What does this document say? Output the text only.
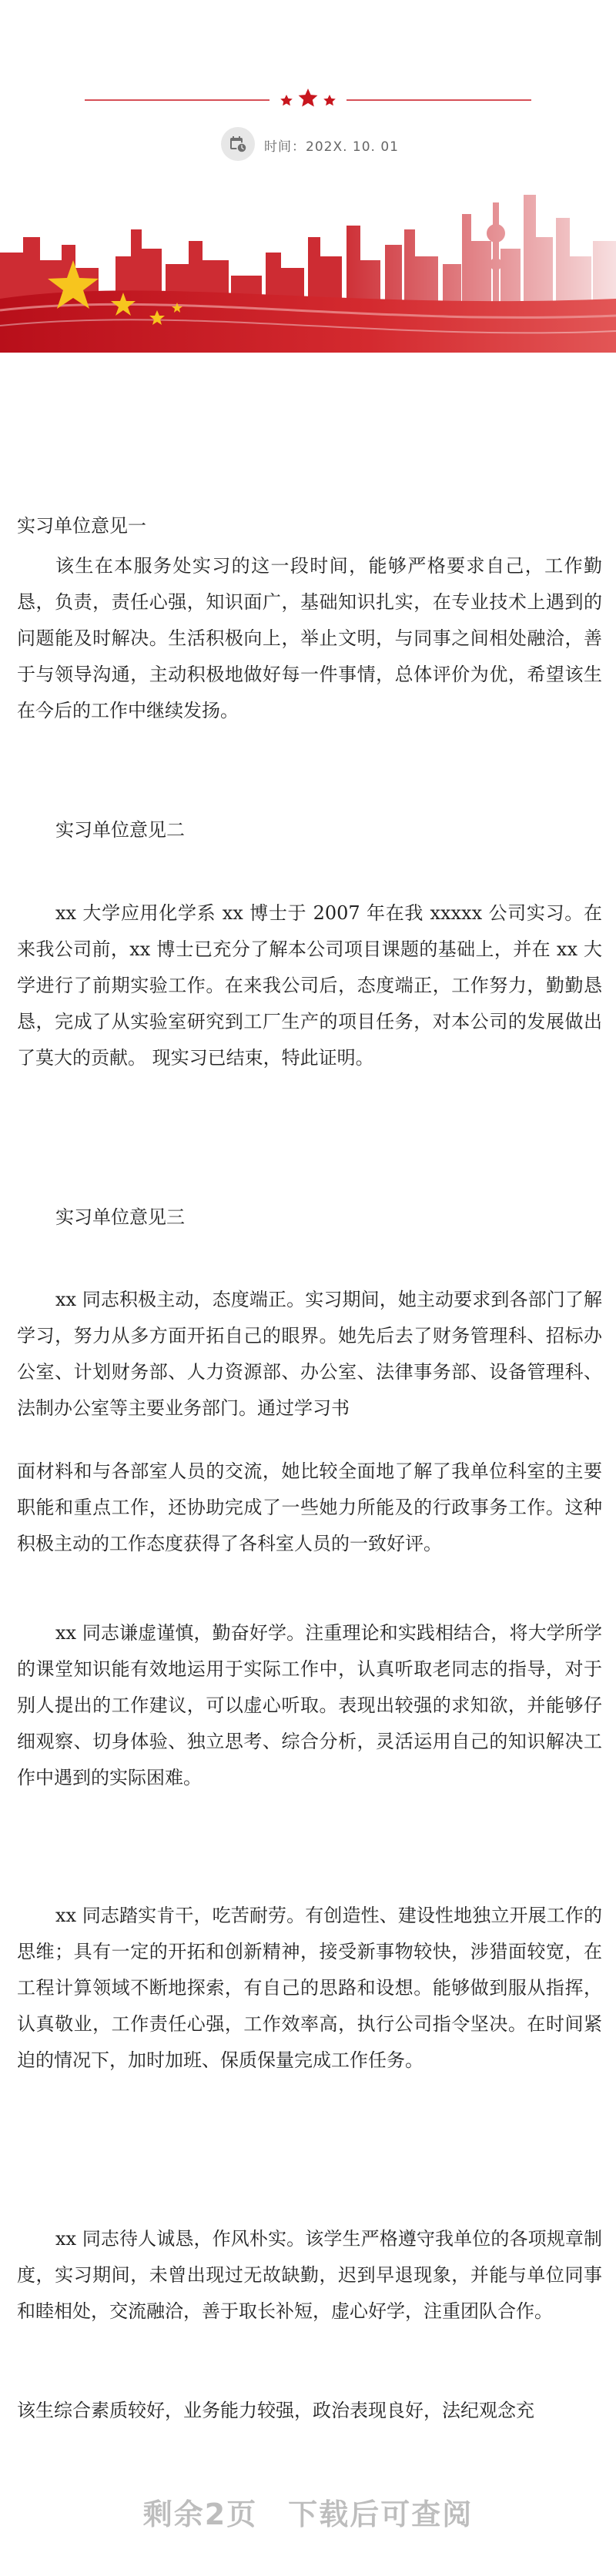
时间：202X. 10. 01

实习单位意见一

该生在本服务处实习的这一段时间，能够严格要求自己，工作勤恳，负责，责任心强，知识面广，基础知识扎实，在专业技术上遇到的问题能及时解决。生活积极向上，举止文明，与同事之间相处融洽，善于与领导沟通，主动积极地做好每一件事情，总体评价为优，希望该生在今后的工作中继续发扬。

实习单位意见二

xx 大学应用化学系 xx 博士于 2007 年在我 xxxxx 公司实习。在来我公司前，xx 博士已充分了解本公司项目课题的基础上，并在 xx 大学进行了前期实验工作。在来我公司后，态度端正，工作努力，勤勤恳恳，完成了从实验室研究到工厂生产的项目任务，对本公司的发展做出了莫大的贡献。 现实习已结束，特此证明。

实习单位意见三

xx 同志积极主动，态度端正。实习期间，她主动要求到各部门了解学习，努力从多方面开拓自己的眼界。她先后去了财务管理科、招标办公室、计划财务部、人力资源部、办公室、法律事务部、设备管理科、法制办公室等主要业务部门。通过学习书

面材料和与各部室人员的交流，她比较全面地了解了我单位科室的主要职能和重点工作，还协助完成了一些她力所能及的行政事务工作。这种积极主动的工作态度获得了各科室人员的一致好评。

xx 同志谦虚谨慎，勤奋好学。注重理论和实践相结合，将大学所学的课堂知识能有效地运用于实际工作中，认真听取老同志的指导，对于别人提出的工作建议，可以虚心听取。表现出较强的求知欲，并能够仔细观察、切身体验、独立思考、综合分析，灵活运用自己的知识解决工作中遇到的实际困难。

xx 同志踏实肯干，吃苦耐劳。有创造性、建设性地独立开展工作的思维；具有一定的开拓和创新精神，接受新事物较快，涉猎面较宽，在工程计算领域不断地探索，有自己的思路和设想。能够做到服从指挥，认真敬业，工作责任心强，工作效率高，执行公司指令坚决。在时间紧迫的情况下，加时加班、保质保量完成工作任务。

xx 同志待人诚恳，作风朴实。该学生严格遵守我单位的各项规章制度，实习期间，未曾出现过无故缺勤，迟到早退现象，并能与单位同事和睦相处，交流融洽，善于取长补短，虚心好学，注重团队合作。

该生综合素质较好，业务能力较强，政治表现良好，法纪观念充

剩余2页 下载后可查阅
